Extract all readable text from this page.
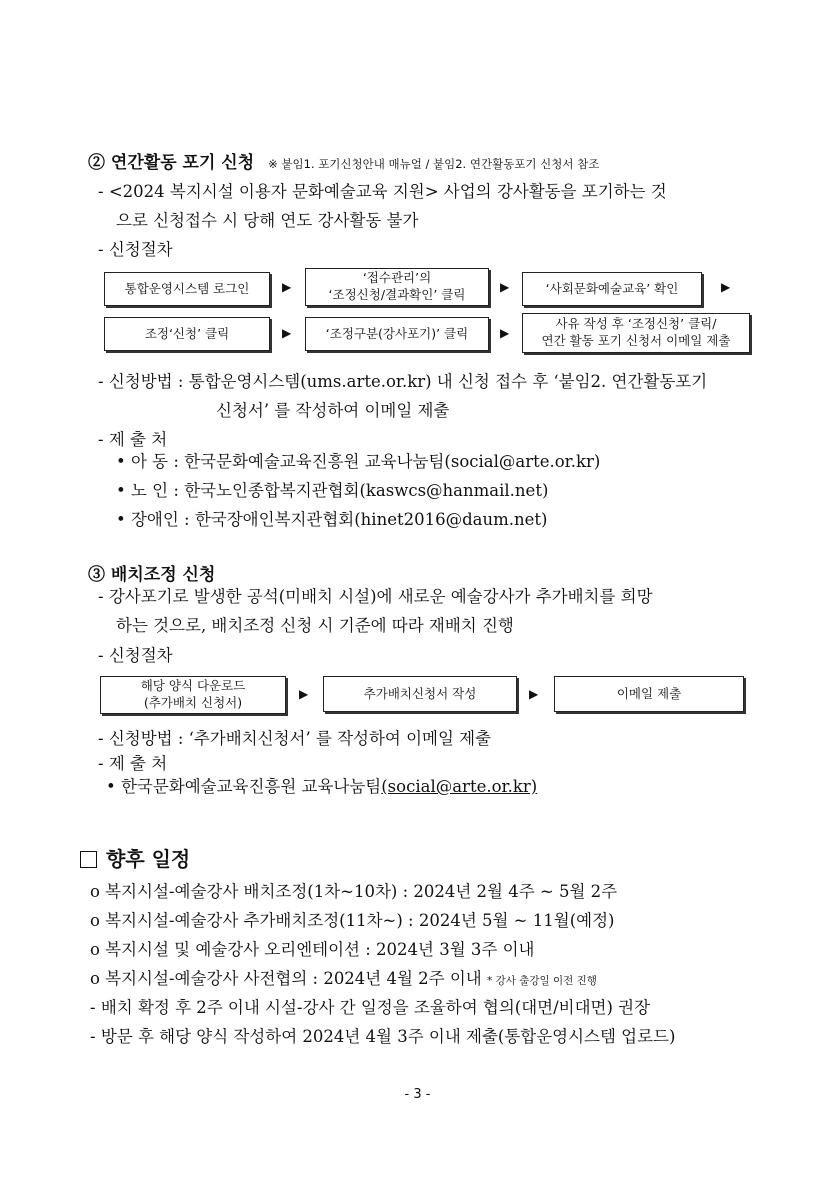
② 연간활동 포기 신청 ※ 붙임1. 포기신청안내 매뉴얼 / 붙임2. 연간활동포기 신청서 참조
- <2024 복지시설 이용자 문화예술교육 지원> 사업의 강사활동을 포기하는 것
으로 신청접수 시 당해 연도 강사활동 불가
- 신청절차
통합운영시스템 로그인	▶
‘접수관리’의
‘조정신청/결과확인’ 클릭	▶	‘사회문화예술교육’ 확인	▶
조정‘신청’ 클릭	▶	‘조정구분(강사포기)’ 클릭	▶
사유 작성 후 ‘조정신청’ 클릭/
연간 활동 포기 신청서 이메일 제출
- 신청방법 : 통합운영시스템(ums.arte.or.kr) 내 신청 접수 후 ‘붙임2. 연간활동포기
신청서’ 를 작성하여 이메일 제출
- 제 출 처
• 아 동 : 한국문화예술교육진흥원 교육나눔팀(social@arte.or.kr)
• 노 인 : 한국노인종합복지관협회(kaswcs@hanmail.net)
• 장애인 : 한국장애인복지관협회(hinet2016@daum.net)
③ 배치조정 신청
- 강사포기로 발생한 공석(미배치 시설)에 새로운 예술강사가 추가배치를 희망
하는 것으로, 배치조정 신청 시 기준에 따라 재배치 진행
- 신청절차
해당 양식 다운로드
(추가배치 신청서)
▶	추가배치신청서 작성	▶	이메일 제출
- 신청방법 : ‘추가배치신청서’ 를 작성하여 이메일 제출
- 제 출 처
• 한국문화예술교육진흥원 교육나눔팀(social@arte.or.kr)
향후 일정
o 복지시설-예술강사 배치조정(1차~10차) : 2024년 2월 4주 ~ 5월 2주
o 복지시설-예술강사 추가배치조정(11차~) : 2024년 5월 ~ 11월(예정)
o 복지시설 및 예술강사 오리엔테이션 : 2024년 3월 3주 이내
o 복지시설-예술강사 사전협의 : 2024년 4월 2주 이내 * 강사 출강일 이전 진행
- 배치 확정 후 2주 이내 시설-강사 간 일정을 조율하여 협의(대면/비대면) 권장
- 방문 후 해당 양식 작성하여 2024년 4월 3주 이내 제출(통합운영시스템 업로드)
- 3 -
